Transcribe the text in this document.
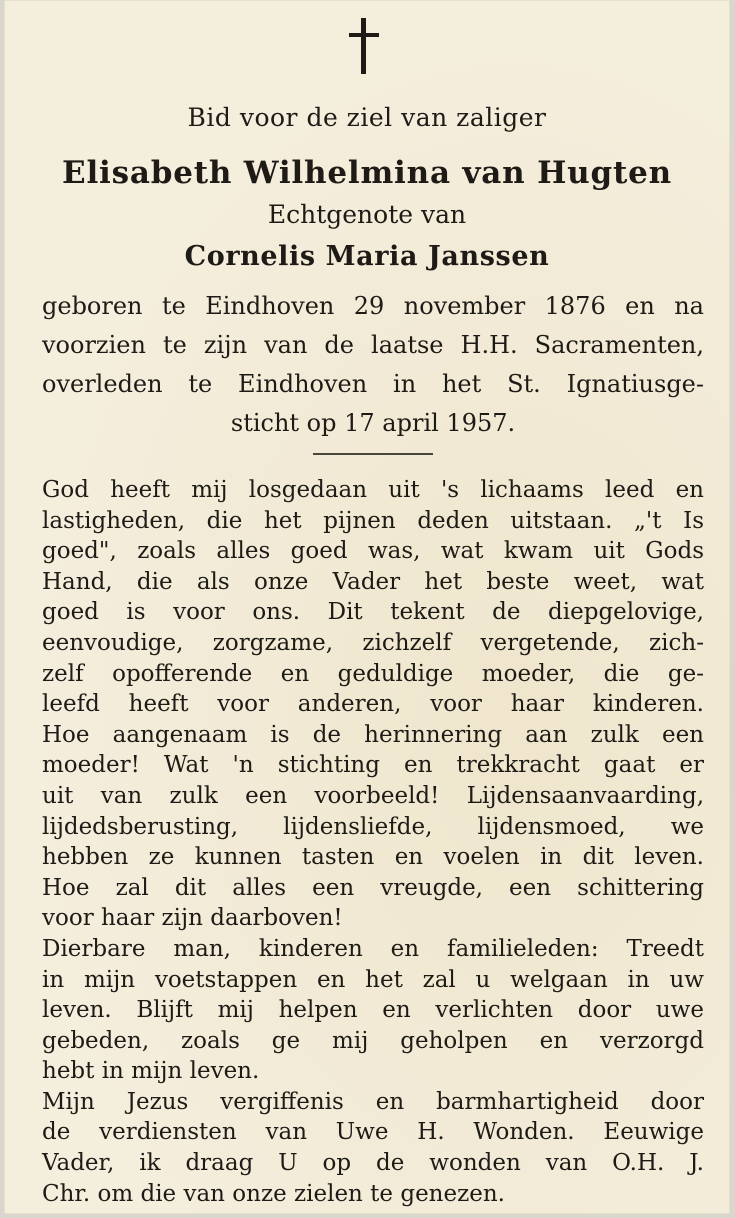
Bid voor de ziel van zaliger
Elisabeth Wilhelmina van Hugten
Echtgenote van
Cornelis Maria Janssen
geboren te Eindhoven 29 november 1876 en na
voorzien te zijn van de laatse H.H. Sacramenten,
overleden te Eindhoven in het St. Ignatiusge-
sticht op 17 april 1957.
God heeft mij losgedaan uit 's lichaams leed en
lastigheden, die het pijnen deden uitstaan. „'t Is
goed", zoals alles goed was, wat kwam uit Gods
Hand, die als onze Vader het beste weet, wat
goed is voor ons. Dit tekent de diepgelovige,
eenvoudige, zorgzame, zichzelf vergetende, zich-
zelf opofferende en geduldige moeder, die ge-
leefd heeft voor anderen, voor haar kinderen.
Hoe aangenaam is de herinnering aan zulk een
moeder! Wat 'n stichting en trekkracht gaat er
uit van zulk een voorbeeld! Lijdensaanvaarding,
lijdedsberusting, lijdensliefde, lijdensmoed, we
hebben ze kunnen tasten en voelen in dit leven.
Hoe zal dit alles een vreugde, een schittering
voor haar zijn daarboven!
Dierbare man, kinderen en familieleden: Treedt
in mijn voetstappen en het zal u welgaan in uw
leven. Blijft mij helpen en verlichten door uwe
gebeden, zoals ge mij geholpen en verzorgd
hebt in mijn leven.
Mijn Jezus vergiffenis en barmhartigheid door
de verdiensten van Uwe H. Wonden. Eeuwige
Vader, ik draag U op de wonden van O.H. J.
Chr. om die van onze zielen te genezen.
